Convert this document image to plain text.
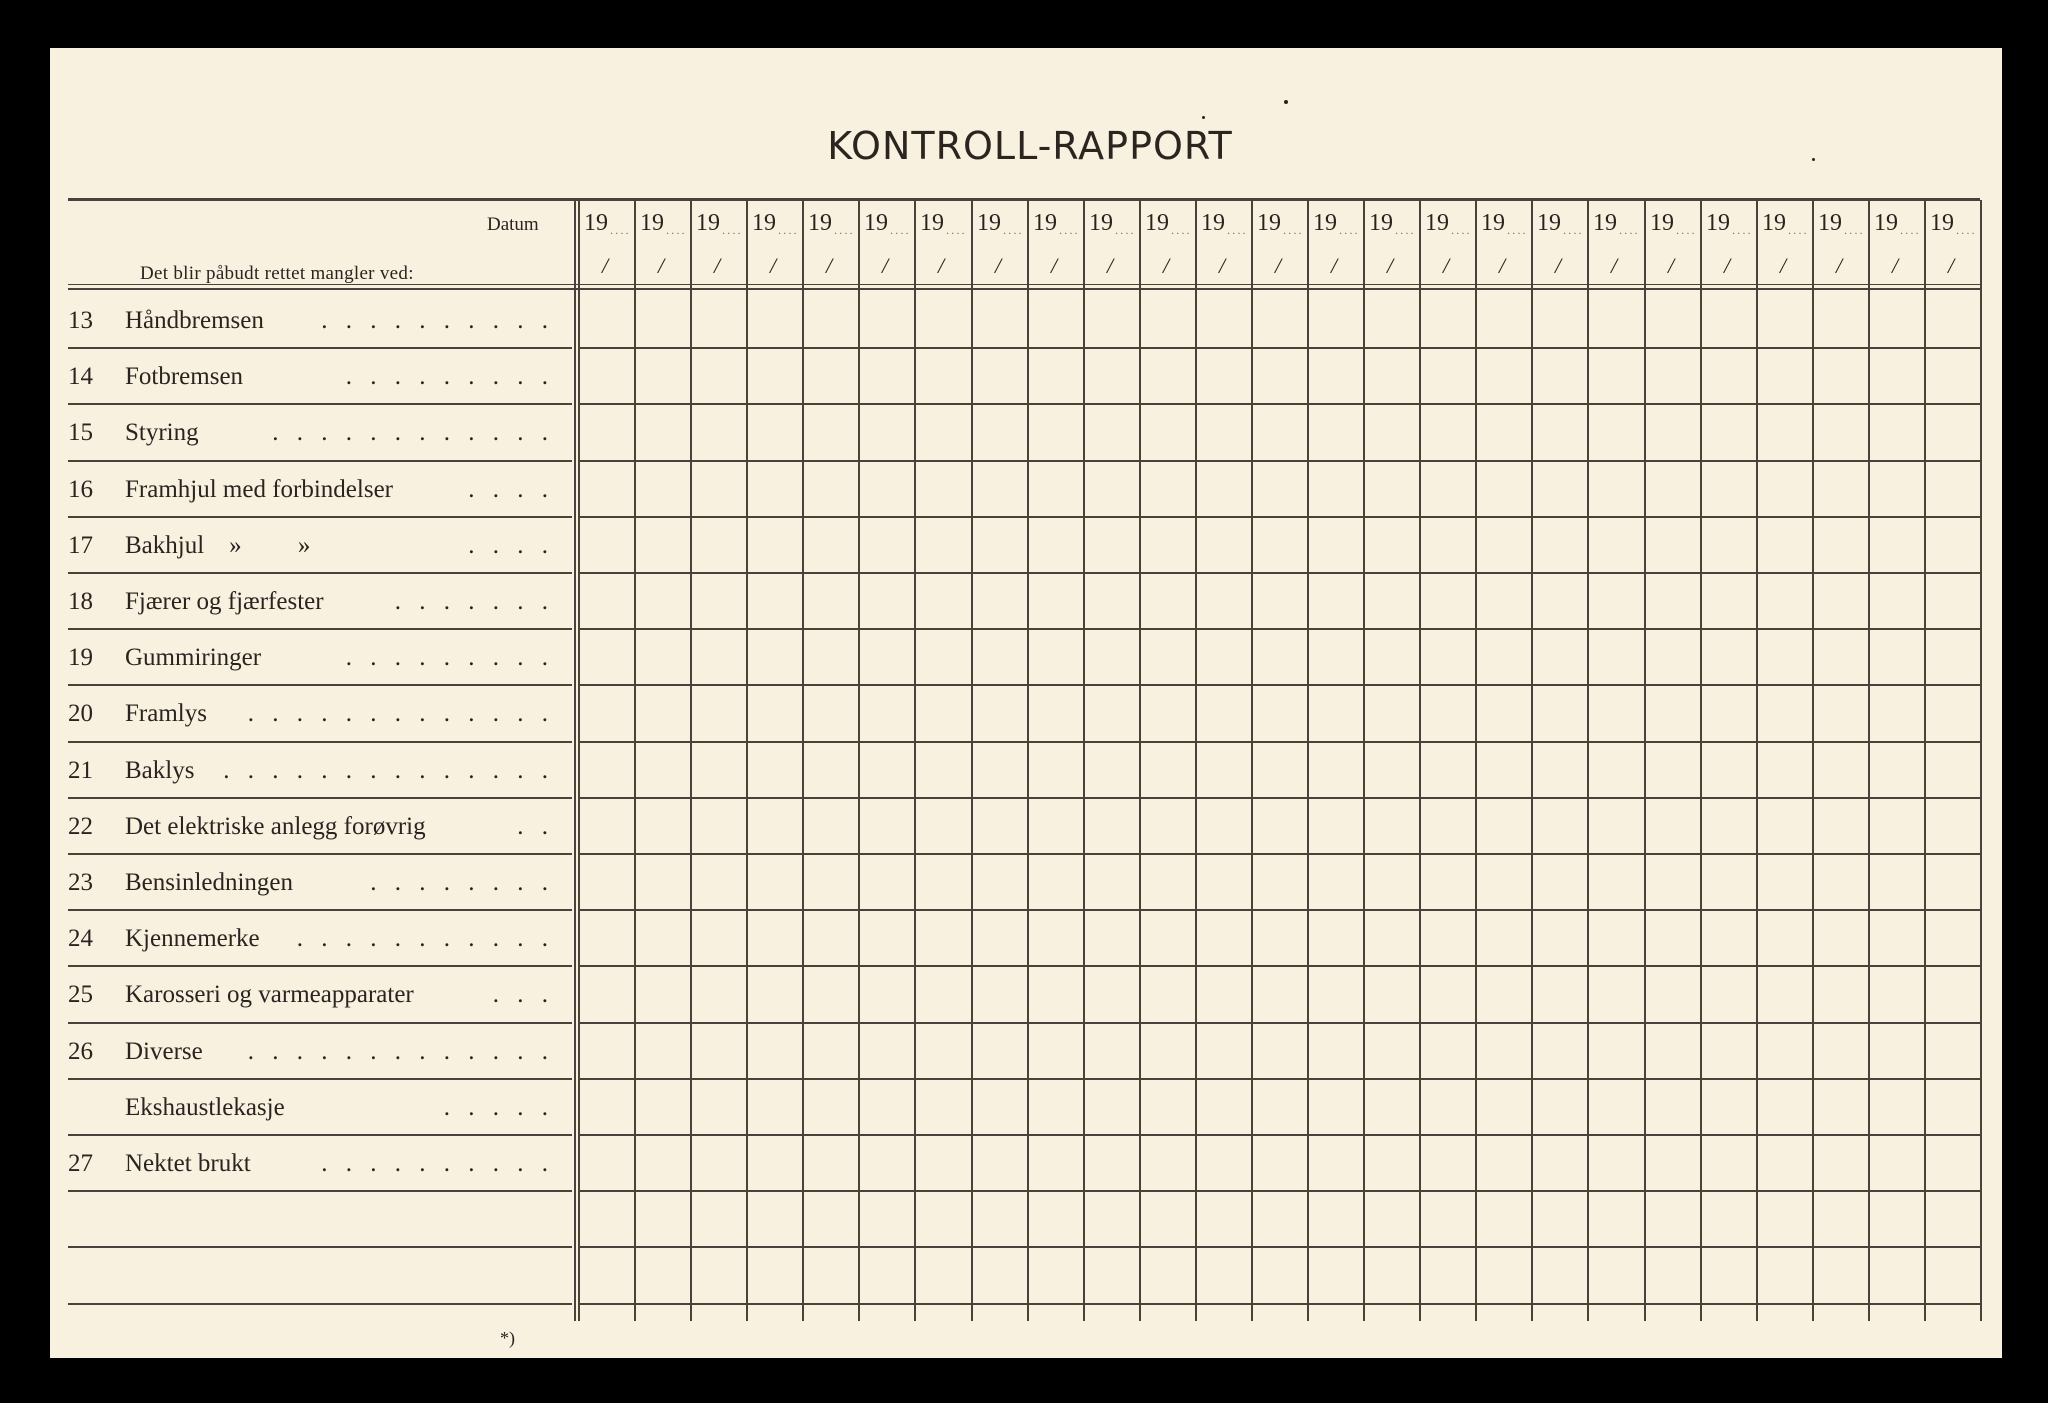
KONTROLL-RAPPORT
Datum
Det blir påbudt rettet mangler ved:
13	Håndbremsen . . . . . . . . . .
14	Fotbremsen	. . . . . . . . .
15	Styring	. . . . . . . . . . . .
16	Framhjul med forbindelser	. . . .
17	Bakhjul    »         »	. . . .
18	Fjærer og fjærfester	. . . . . . .
19	Gummiringer	. . . . . . . . .
20	Framlys . . . . . . . . . . . . .
21	Baklys . . . . . . . . . . . . . .
22	Det elektriske anlegg forøvrig	. .
23	Bensinledningen	. . . . . . . .
24	Kjennemerke . . . . . . . . . . .
25	Karosseri og varmeapparater	. . .
26	Diverse . . . . . . . . . . . . .
Ekshaustlekasje	. . . . .
27	Nektet brukt	. . . . . . . . . .
19 ....
/
19 ....
/
19 ....
/
19 ....
/
19 ....
/
19 ....
/
19 ....
/
19 ....
/
19 ....
/
19 ....
/
19 ....
/
19 ....
/
19 ....
/
19 ....
/
19 ....
/
19 ....
/
19 ....
/
19 ....
/
19 ....
/
19 ....
/
19 ....
/
19 ....
/
19 ....
/
19 ....
/
19 ....
/
*)
